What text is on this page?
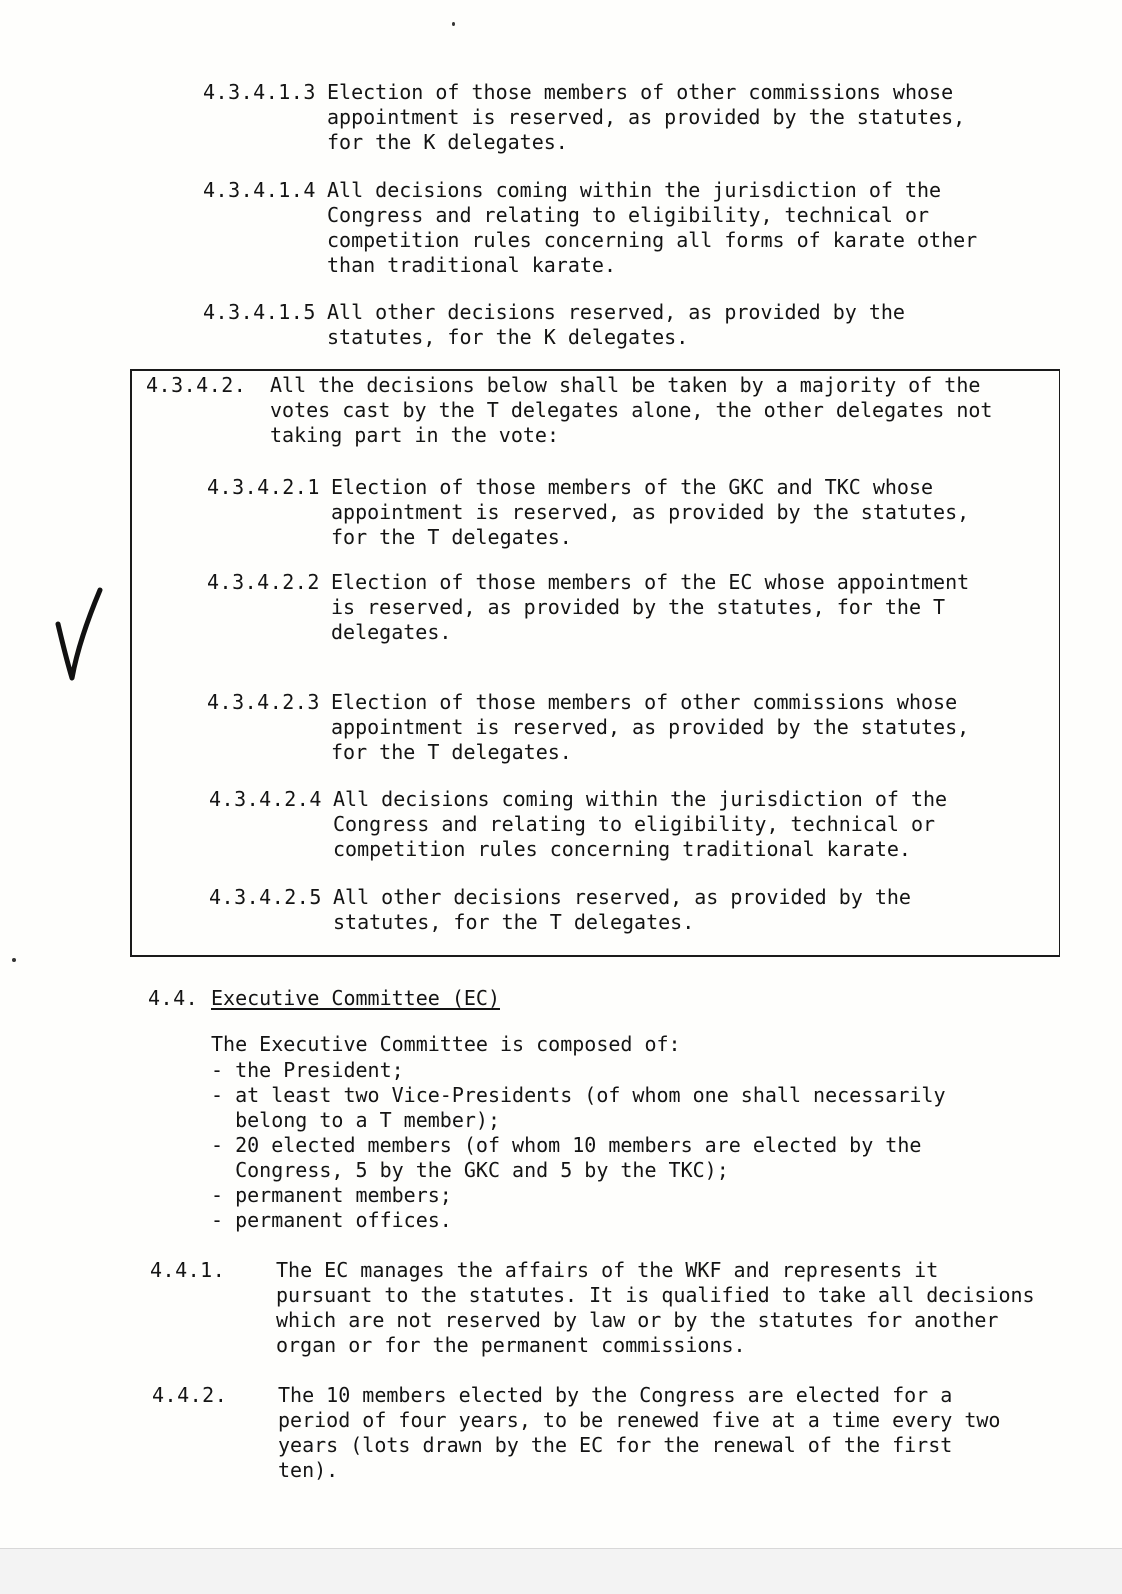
4.3.4.1.3 Election of those members of other commissions whose
appointment is reserved, as provided by the statutes,
for the K delegates.
4.3.4.1.4 All decisions coming within the jurisdiction of the
Congress and relating to eligibility, technical or
competition rules concerning all forms of karate other
than traditional karate.
4.3.4.1.5 All other decisions reserved, as provided by the
statutes, for the K delegates.
4.3.4.2. All the decisions below shall be taken by a majority of the
votes cast by the T delegates alone, the other delegates not
taking part in the vote:
4.3.4.2.1 Election of those members of the GKC and TKC whose
appointment is reserved, as provided by the statutes,
for the T delegates.
4.3.4.2.2 Election of those members of the EC whose appointment
is reserved, as provided by the statutes, for the T
delegates.
4.3.4.2.3 Election of those members of other commissions whose
appointment is reserved, as provided by the statutes,
for the T delegates.
4.3.4.2.4 All decisions coming within the jurisdiction of the
Congress and relating to eligibility, technical or
competition rules concerning traditional karate.
4.3.4.2.5 All other decisions reserved, as provided by the
statutes, for the T delegates.
4.4. Executive Committee (EC)
The Executive Committee is composed of:
- the President;
- at least two Vice-Presidents (of whom one shall necessarily
belong to a T member);
- 20 elected members (of whom 10 members are elected by the
Congress, 5 by the GKC and 5 by the TKC);
- permanent members;
- permanent offices.
4.4.1.	The EC manages the affairs of the WKF and represents it
pursuant to the statutes. It is qualified to take all decisions
which are not reserved by law or by the statutes for another
organ or for the permanent commissions.
4.4.2.	The 10 members elected by the Congress are elected for a
period of four years, to be renewed five at a time every two
years (lots drawn by the EC for the renewal of the first
ten).
